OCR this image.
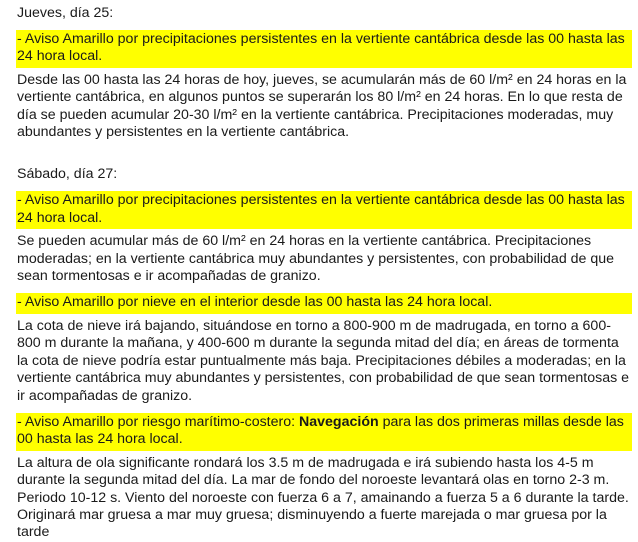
Jueves, día 25:
- Aviso Amarillo por precipitaciones persistentes en la vertiente cantábrica desde las 00 hasta las 24 hora local.
Desde las 00 hasta las 24 horas de hoy, jueves, se acumularán más de 60 l/m² en 24 horas en la vertiente cantábrica, en algunos puntos se superarán los 80 l/m² en 24 horas. En lo que resta de día se pueden acumular 20-30 l/m² en la vertiente cantábrica. Precipitaciones moderadas, muy abundantes y persistentes en la vertiente cantábrica.
Sábado, día 27:
- Aviso Amarillo por precipitaciones persistentes en la vertiente cantábrica desde las 00 hasta las 24 hora local.
Se pueden acumular más de 60 l/m² en 24 horas en la vertiente cantábrica. Precipitaciones moderadas; en la vertiente cantábrica muy abundantes y persistentes, con probabilidad de que sean tormentosas e ir acompañadas de granizo.
- Aviso Amarillo por nieve en el interior desde las 00 hasta las 24 hora local.
La cota de nieve irá bajando, situándose en torno a 800-900 m de madrugada, en torno a 600-800 m durante la mañana, y 400-600 m durante la segunda mitad del día; en áreas de tormenta la cota de nieve podría estar puntualmente más baja. Precipitaciones débiles a moderadas; en la vertiente cantábrica muy abundantes y persistentes, con probabilidad de que sean tormentosas e ir acompañadas de granizo.
- Aviso Amarillo por riesgo marítimo-costero: Navegación para las dos primeras millas desde las 00 hasta las 24 hora local.
La altura de ola significante rondará los 3.5 m de madrugada e irá subiendo hasta los 4-5 m durante la segunda mitad del día. La mar de fondo del noroeste levantará olas en torno 2-3 m. Periodo 10-12 s. Viento del noroeste con fuerza 6 a 7, amainando a fuerza 5 a 6 durante la tarde. Originará mar gruesa a mar muy gruesa; disminuyendo a fuerte marejada o mar gruesa por la tarde
